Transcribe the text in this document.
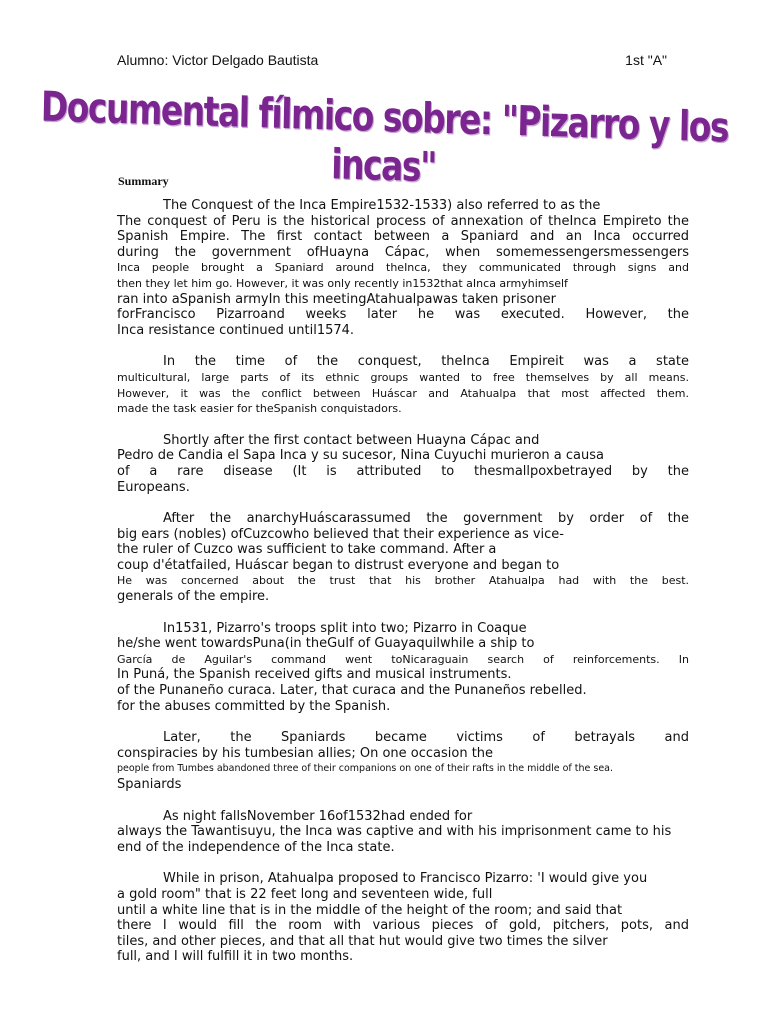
Alumno: Victor Delgado Bautista	1st "A"
Documental fílmico sobre: "Pizarro y los incas"
Summary
The Conquest of the Inca Empire1532-1533) also referred to as the
The conquest of Peru is the historical process of annexation of theInca Empireto the
Spanish Empire. The first contact between a Spaniard and an Inca occurred
during the government ofHuayna Cápac, when somemessengersmessengers
Inca people brought a Spaniard around theInca, they communicated through signs and
then they let him go. However, it was only recently in1532that aInca armyhimself
ran into aSpanish armyIn this meetingAtahualpawas taken prisoner
forFrancisco Pizarroand weeks later he was executed. However, the
Inca resistance continued until1574.
In the time of the conquest, theInca Empireit was a state
multicultural, large parts of its ethnic groups wanted to free themselves by all means.
However, it was the conflict between Huáscar and Atahualpa that most affected them.
made the task easier for theSpanish conquistadors.
Shortly after the first contact between Huayna Cápac and
Pedro de Candia el Sapa Inca y su sucesor, Nina Cuyuchi murieron a causa
of a rare disease (It is attributed to thesmallpoxbetrayed by the
Europeans.
After the anarchyHuáscarassumed the government by order of the
big ears (nobles) ofCuzcowho believed that their experience as vice-
the ruler of Cuzco was sufficient to take command. After a
coup d'étatfailed, Huáscar began to distrust everyone and began to
He was concerned about the trust that his brother Atahualpa had with the best.
generals of the empire.
In1531, Pizarro's troops split into two; Pizarro in Coaque
he/she went towardsPuna(in theGulf of Guayaquilwhile a ship to
García de Aguilar's command went toNicaraguain search of reinforcements. In
In Puná, the Spanish received gifts and musical instruments.
of the Punaneño curaca. Later, that curaca and the Punaneños rebelled.
for the abuses committed by the Spanish.
Later, the Spaniards became victims of betrayals and
conspiracies by his tumbesian allies; On one occasion the
people from Tumbes abandoned three of their companions on one of their rafts in the middle of the sea.
Spaniards
As night fallsNovember 16of1532had ended for
always the Tawantisuyu, the Inca was captive and with his imprisonment came to his
end of the independence of the Inca state.
While in prison, Atahualpa proposed to Francisco Pizarro: 'I would give you
a gold room" that is 22 feet long and seventeen wide, full
until a white line that is in the middle of the height of the room; and said that
there I would fill the room with various pieces of gold, pitchers, pots, and
tiles, and other pieces, and that all that hut would give two times the silver
full, and I will fulfill it in two months.
